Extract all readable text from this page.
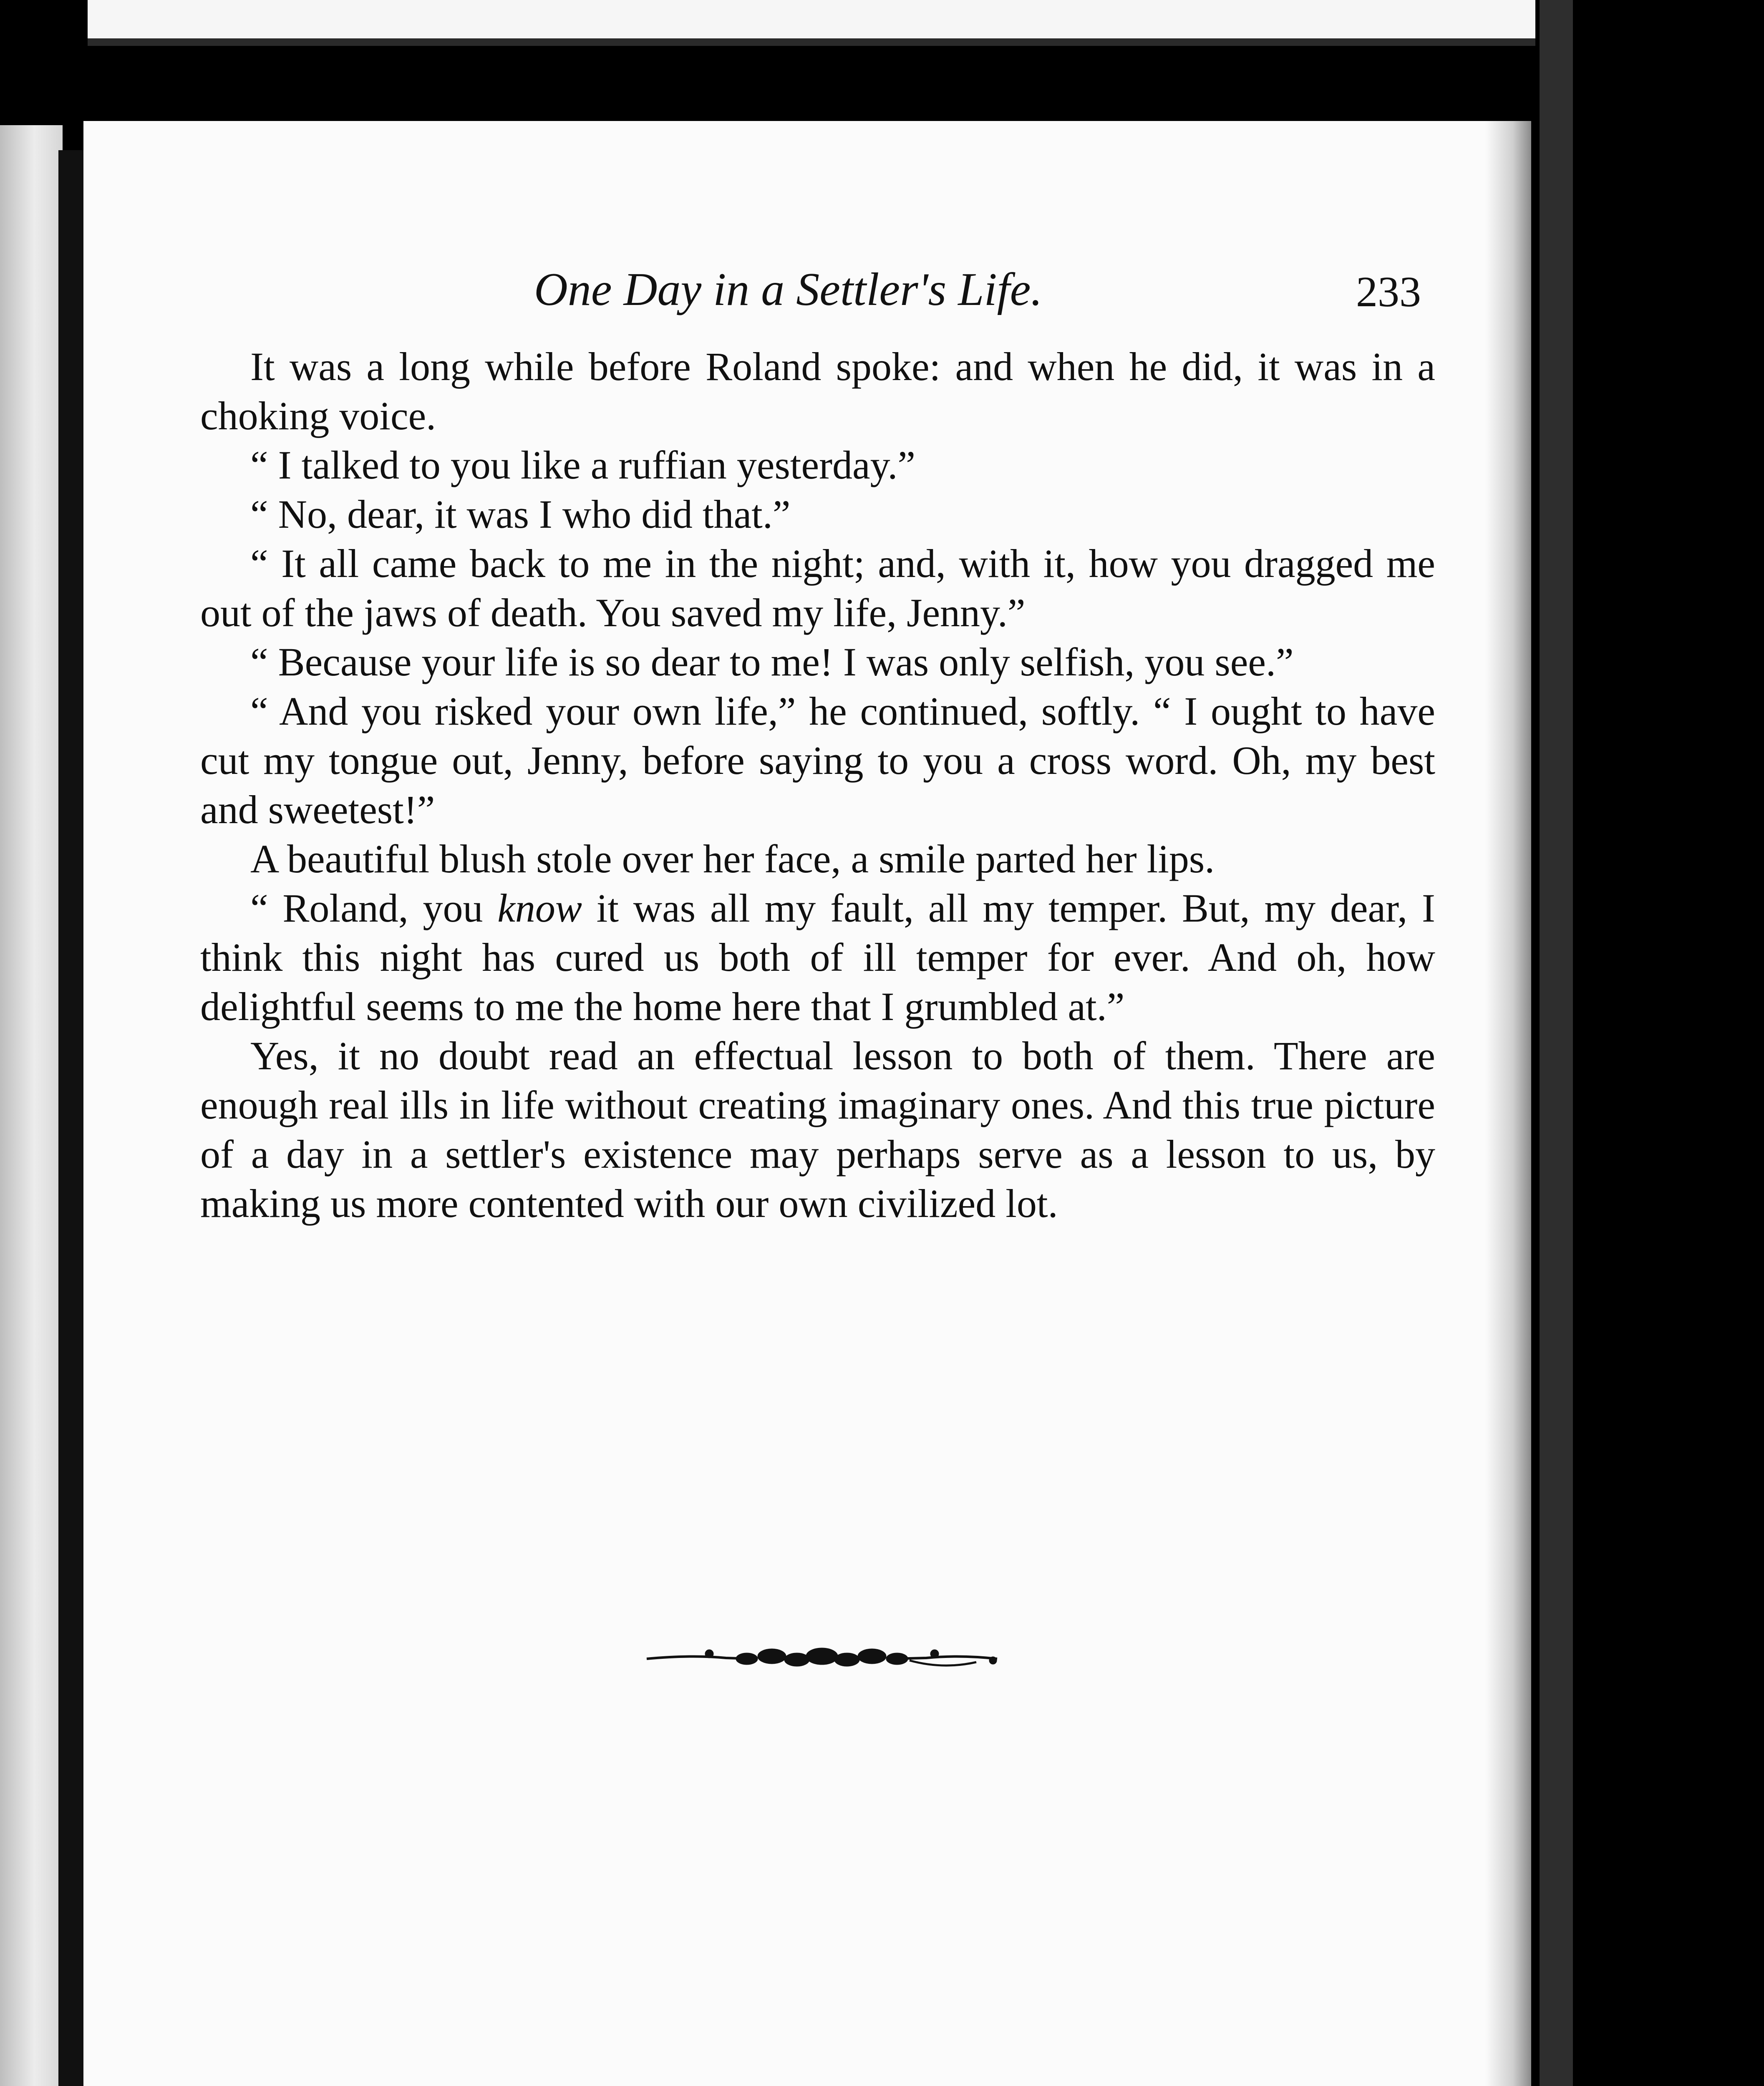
One Day in a Settler's Life.	233

It was a long while before Roland spoke: and when he did, it was in a choking voice.

“ I talked to you like a ruffian yesterday.”

“ No, dear, it was I who did that.”

“ It all came back to me in the night; and, with it, how you dragged me out of the jaws of death. You saved my life, Jenny.”

“ Because your life is so dear to me! I was only selfish, you see.”

“ And you risked your own life,” he continued, softly. “ I ought to have cut my tongue out, Jenny, before saying to you a cross word. Oh, my best and sweetest!”

A beautiful blush stole over her face, a smile parted her lips.

“ Roland, you know it was all my fault, all my temper. But, my dear, I think this night has cured us both of ill temper for ever. And oh, how delightful seems to me the home here that I grumbled at.”

Yes, it no doubt read an effectual lesson to both of them. There are enough real ills in life without creating imaginary ones. And this true picture of a day in a settler's existence may perhaps serve as a lesson to us, by making us more contented with our own civilized lot.
